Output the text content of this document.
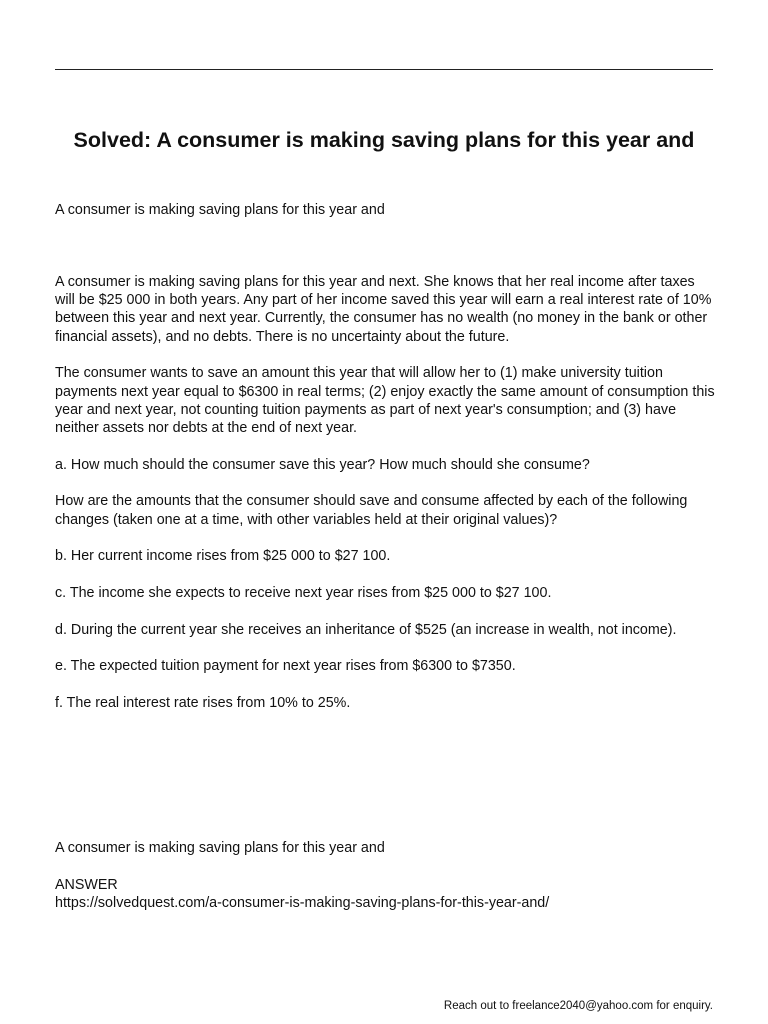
Solved: A consumer is making saving plans for this year and

A consumer is making saving plans for this year and

A consumer is making saving plans for this year and next. She knows that her real income after taxes will be $25 000 in both years. Any part of her income saved this year will earn a real interest rate of 10% between this year and next year. Currently, the consumer has no wealth (no money in the bank or other financial assets), and no debts. There is no uncertainty about the future.

The consumer wants to save an amount this year that will allow her to (1) make university tuition payments next year equal to $6300 in real terms; (2) enjoy exactly the same amount of consumption this year and next year, not counting tuition payments as part of next year's consumption; and (3) have neither assets nor debts at the end of next year.

a. How much should the consumer save this year? How much should she consume?

How are the amounts that the consumer should save and consume affected by each of the following changes (taken one at a time, with other variables held at their original values)?

b. Her current income rises from $25 000 to $27 100.

c. The income she expects to receive next year rises from $25 000 to $27 100.

d. During the current year she receives an inheritance of $525 (an increase in wealth, not income).

e. The expected tuition payment for next year rises from $6300 to $7350.

f. The real interest rate rises from 10% to 25%.

A consumer is making saving plans for this year and

ANSWER

https://solvedquest.com/a-consumer-is-making-saving-plans-for-this-year-and/

Reach out to freelance2040@yahoo.com for enquiry.
